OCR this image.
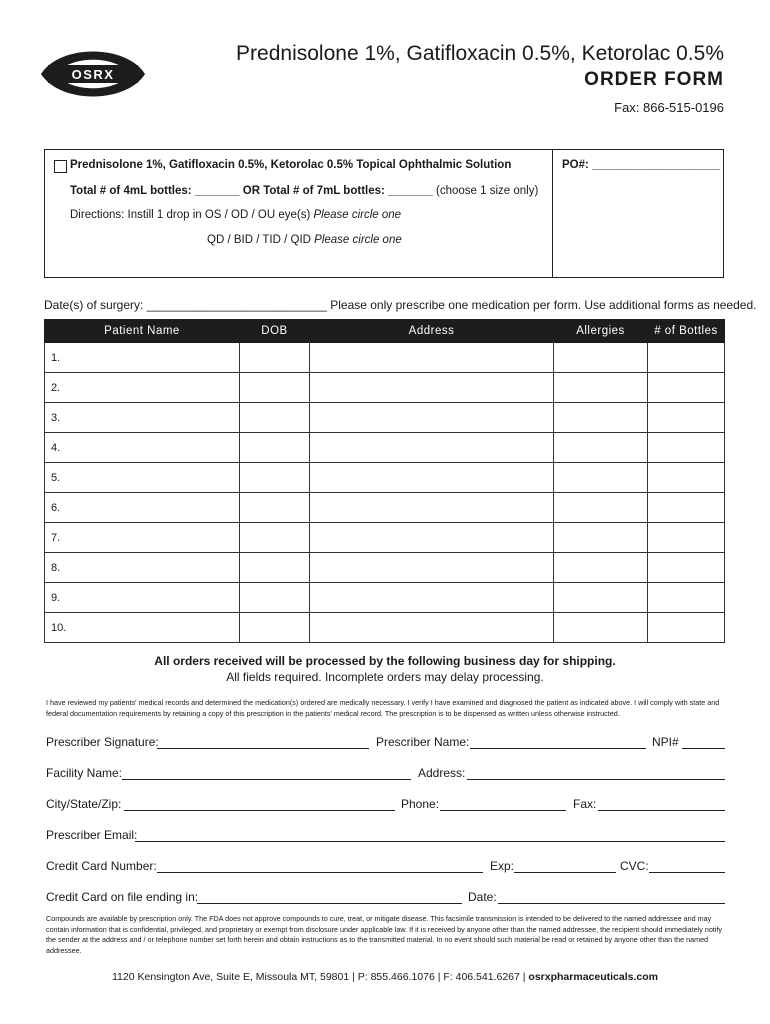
OSRX
Prednisolone 1%, Gatifloxacin 0.5%, Ketorolac 0.5%
ORDER FORM
Fax: 866-515-0196
Prednisolone 1%, Gatifloxacin 0.5%, Ketorolac 0.5% Topical Ophthalmic Solution	PO#: ____________________
Total # of 4mL bottles: _______ OR Total # of 7mL bottles: _______ (choose 1 size only)
Directions: Instill 1 drop in OS / OD / OU eye(s) Please circle one
QD / BID / TID / QID Please circle one
Date(s) of surgery: ___________________________ Please only prescribe one medication per form. Use additional forms as needed.
Patient Name	DOB	Address	Allergies	# of Bottles
1.				
2.				
3.				
4.				
5.				
6.				
7.				
8.				
9.				
10.				
All orders received will be processed by the following business day for shipping.
All fields required. Incomplete orders may delay processing.
I have reviewed my patients' medical records and determined the medication(s) ordered are medically necessary. I verify I have examined and diagnosed the patient as indicated above. I will comply with state and federal documentation requirements by retaining a copy of this prescription in the patients' medical record. The prescription is to be dispensed as written unless otherwise instructed.
Prescriber Signature:	Prescriber Name:	NPI#
Facility Name:	Address:
City/State/Zip:	Phone:	Fax:
Prescriber Email:
Credit Card Number:	Exp:	CVC:
Credit Card on file ending in:	Date:
Compounds are available by prescription only. The FDA does not approve compounds to cure, treat, or mitigate disease. This facsimile transmission is intended to be delivered to the named addressee and may contain information that is confidential, privileged, and proprietary or exempt from disclosure under applicable law. If it is received by anyone other than the named addressee, the recipient should immediately notify the sender at the address and / or telephone number set forth herein and obtain instructions as to the transmitted material. In no event should such material be read or retained by anyone other than the named addressee.
1120 Kensington Ave, Suite E, Missoula MT, 59801 | P: 855.466.1076 | F: 406.541.6267 | osrxpharmaceuticals.com
